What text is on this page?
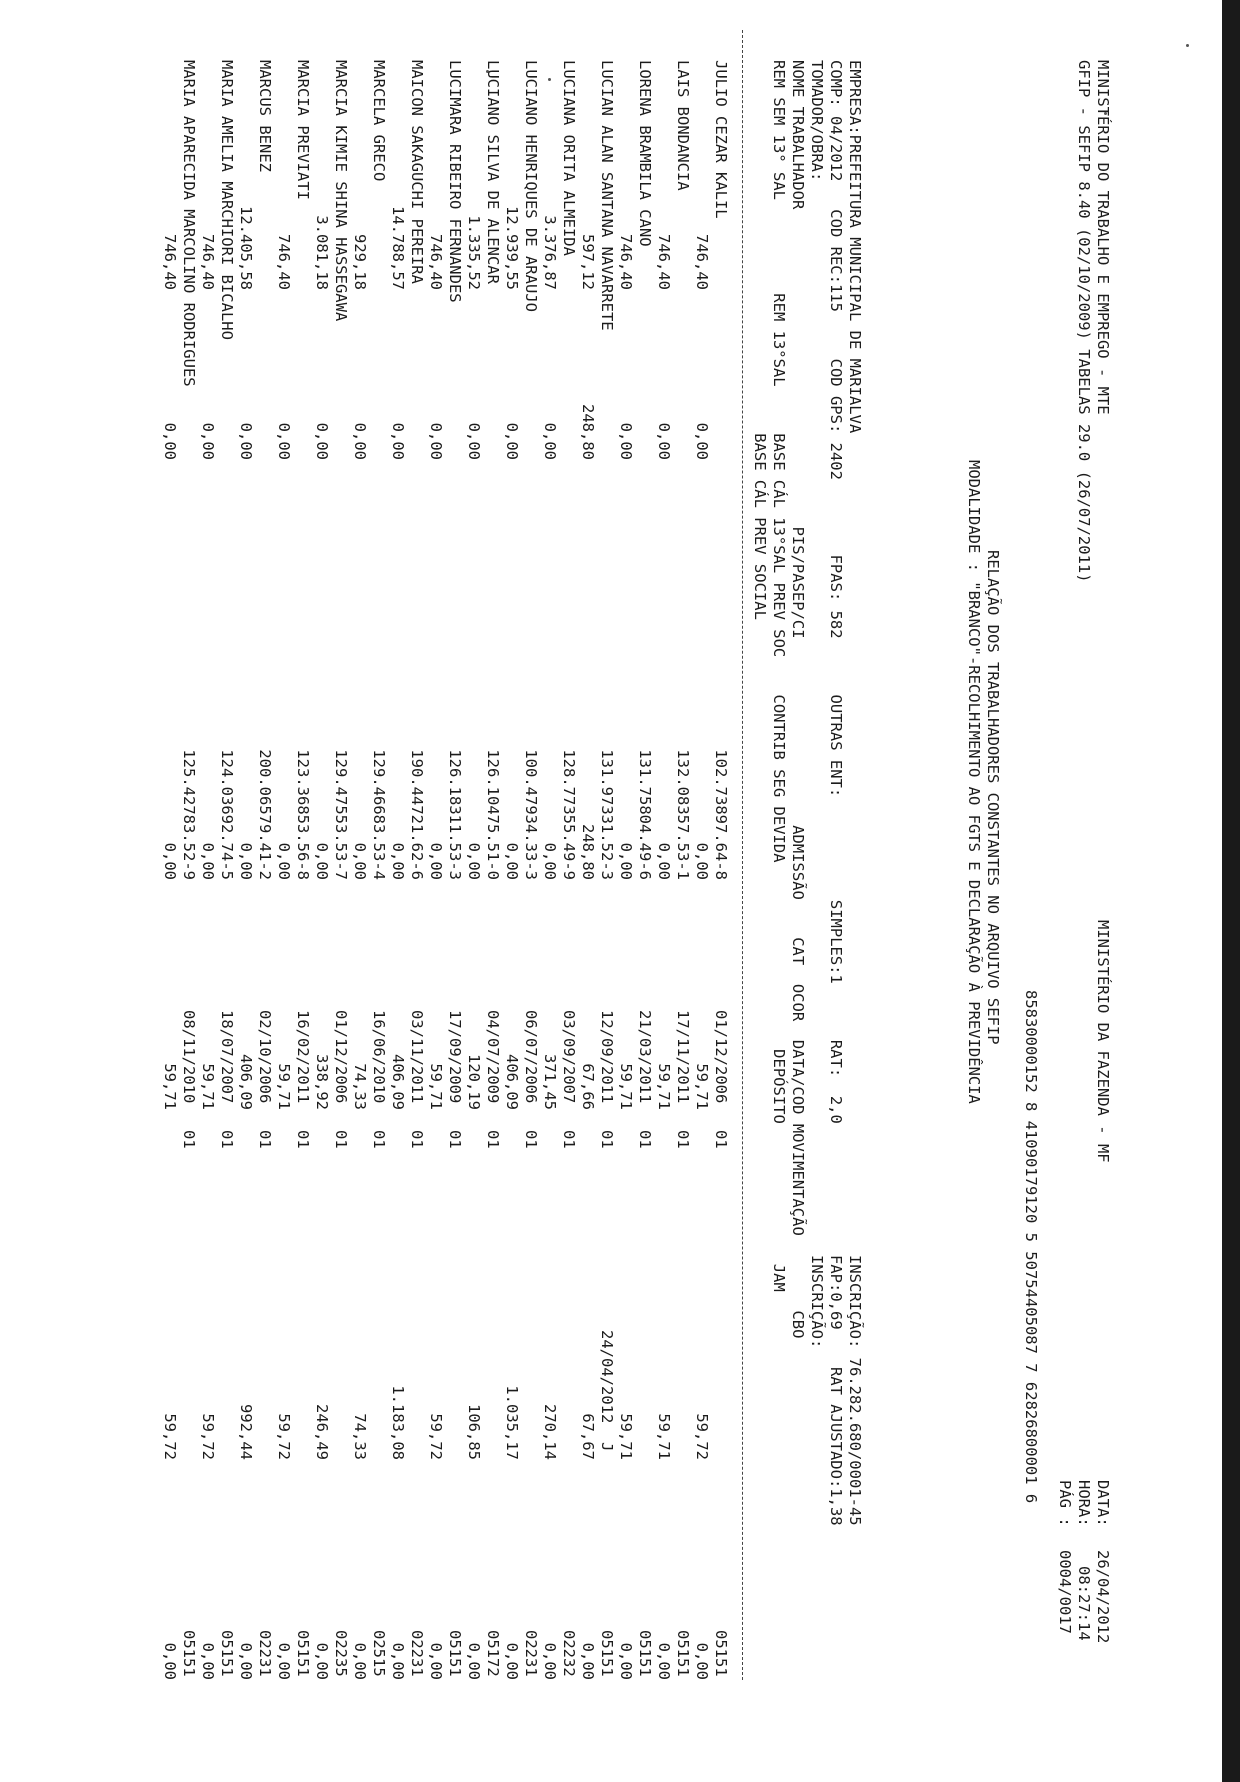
MINISTÉRIO DO TRABALHO E EMPREGO - MTE
MINISTÉRIO DA FAZENDA - MF
DATA:
26/04/2012
GFIP - SEFIP 8.40 (02/10/2009) TABELAS 29.0 (26/07/2011)
HORA:
08:27:14
PÁG :
0004/0017
85830000152 8 41090179120 5 50754405087 7 62826800001 6
RELAÇÃO DOS TRABALHADORES CONSTANTES NO ARQUIVO SEFIP
MODALIDADE : "BRANCO"-RECOLHIMENTO AO FGTS E DECLARAÇÃO À PREVIDÊNCIA
EMPRESA:PREFEITURA MUNICIPAL DE MARIALVA
INSCRIÇÃO: 76.282.680/0001-45
COMP: 04/2012   COD REC:115     COD GPS: 2402        FPAS: 582      OUTRAS ENT:           SIMPLES:1      RAT:  2,0
FAP:0,69    RAT AJUSTADO:1,38
TOMADOR/OBRA:
INSCRIÇÃO:
NOME TRABALHADOR                                  PIS/PASEP/CI                    ADMISSÃO    CAT  OCOR  DATA/COD MOVIMENTAÇÃO        CBO
REM SEM 13° SAL          REM 13°SAL     BASE CÁL 13°SAL PREV SOC    CONTRIB SEG DEVIDA                    DEPÓSITO               JAM
BASE CÁL PREV SOCIAL
JULIO CEZAR KALIL
102.73897.64-8
01/12/2006
01
05151
746,40
0,00
0,00
59,71
59,72
0,00
LAIS BONDANCIA
132.08357.53-1
17/11/2011
01
05151
746,40
0,00
0,00
59,71
59,71
0,00
LORENA BRAMBILA CANO
131.75804.49-6
21/03/2011
01
05151
746,40
0,00
0,00
59,71
59,71
0,00
LUCIAN ALAN SANTANA NAVARRETE
131.97331.52-3
12/09/2011
01
24/04/2012  J
05151
597,12
248,80
248,80
67,66
67,67
0,00
LUCIANA ORITA ALMEIDA
128.77355.49-9
03/09/2007
01
02232
3.376,87
0,00
0,00
371,45
270,14
0,00
LUCIANO HENRIQUES DE ARAUJO
100.47934.33-3
06/07/2006
01
02231
12.939,55
0,00
0,00
406,09
1.035,17
0,00
LUCIANO SILVA DE ALENCAR
126.10475.51-0
04/07/2009
01
05172
1.335,52
0,00
0,00
120,19
106,85
0,00
LUCIMARA RIBEIRO FERNANDES
126.18311.53-3
17/09/2009
01
05151
746,40
0,00
0,00
59,71
59,72
0,00
MAICON SAKAGUCHI PEREIRA
190.44721.62-6
03/11/2011
01
02231
14.788,57
0,00
0,00
406,09
1.183,08
0,00
MARCELA GRECO
129.46683.53-4
16/06/2010
01
02515
929,18
0,00
0,00
74,33
74,33
0,00
MARCIA KIMIE SHINA HASSEGAWA
129.47553.53-7
01/12/2006
01
02235
3.081,18
0,00
0,00
338,92
246,49
0,00
MARCIA PREVIATI
123.36853.56-8
16/02/2011
01
05151
746,40
0,00
0,00
59,71
59,72
0,00
MARCUS BENEZ
200.06579.41-2
02/10/2006
01
02231
12.405,58
0,00
0,00
406,09
992,44
0,00
MARIA AMELIA MARCHIORI BICALHO
124.03692.74-5
18/07/2007
01
05151
746,40
0,00
0,00
59,71
59,72
0,00
MARIA APARECIDA MARCOLINO RODRIGUES
125.42783.52-9
08/11/2010
01
05151
746,40
0,00
0,00
59,71
59,72
0,00
